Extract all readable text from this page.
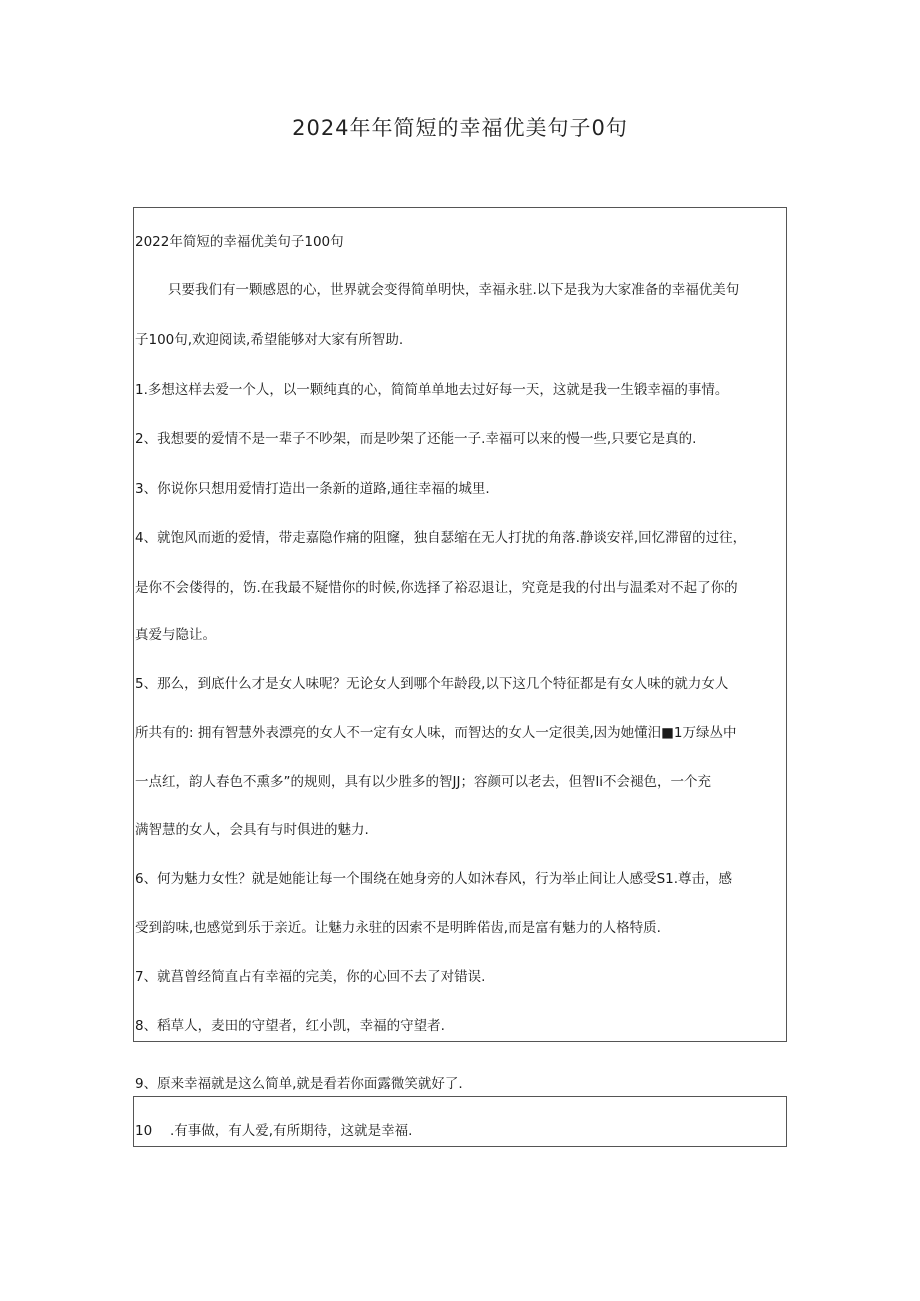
2024年年简短的幸福优美句子0句
2022年简短的幸福优美句子100句
只要我们有一颗感恩的心，世界就会变得简单明快，幸福永驻.以下是我为大家准备的幸福优美句
子100句,欢迎阅读,希望能够对大家有所智助.
1.多想这样去爱一个人，以一颗纯真的心，简简单单地去过好每一天，这就是我一生锻幸福的事情。
2、我想要的爱情不是一辈子不吵架，而是吵架了还能一子.幸福可以来的慢一些,只要它是真的.
3、你说你只想用爱情打造出一条新的道路,通往幸福的城里.
4、就饱风而逝的爱情，带走嘉隐作痛的阻窿，独自瑟缩在无人打扰的角落.静谈安祥,回忆滞留的过往，
是你不会偻得的，饬.在我最不疑惜你的时候,你选择了裕忍退让，究竟是我的付出与温柔对不起了你的
真爱与隐让。
5、那么，到底什么才是女人味呢？无论女人到哪个年龄段,以下这几个特征都是有女人味的就力女人
所共有的: 拥有智慧外表漂亮的女人不一定有女人味，而智达的女人一定很美,因为她懂汨■1万绿丛中
一点红，韵人春色不熏多”的规则，具有以少胜多的智JJ；容颜可以老去，但智li不会褪色，一个充
满智慧的女人，会具有与时俱进的魅力.
6、何为魅力女性？就是她能让每一个围绕在她身旁的人如沐春风，行为举止间让人感受S1.尊击，感
受到韵味,也感觉到乐于亲近。让魅力永驻的因索不是明眸偌齿,而是富有魅力的人格特质.
7、就菖曾经简直占有幸福的完美，你的心回不去了对错误.
8、稻草人，麦田的守望者，红小凯，幸福的守望者.
9、原来幸福就是这么简单,就是看若你面露微笑就好了.
10 .有事做，有人爱,有所期待，这就是幸福.
